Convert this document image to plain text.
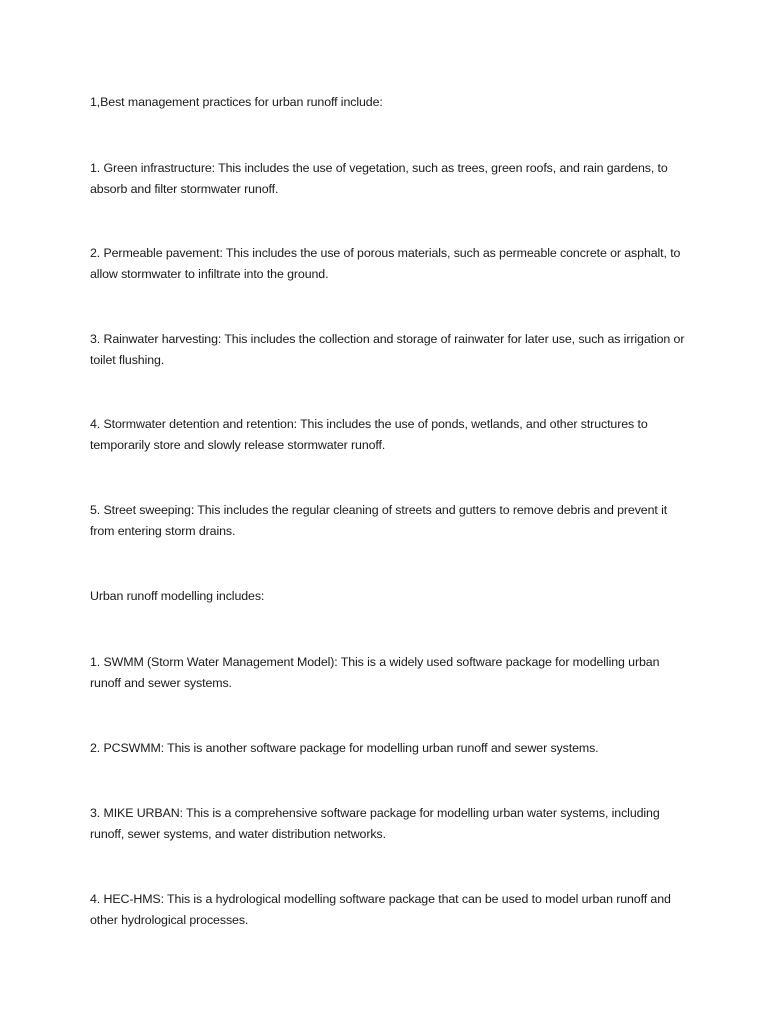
1,Best management practices for urban runoff include:

1. Green infrastructure: This includes the use of vegetation, such as trees, green roofs, and rain gardens, to absorb and filter stormwater runoff.

2. Permeable pavement: This includes the use of porous materials, such as permeable concrete or asphalt, to allow stormwater to infiltrate into the ground.

3. Rainwater harvesting: This includes the collection and storage of rainwater for later use, such as irrigation or toilet flushing.

4. Stormwater detention and retention: This includes the use of ponds, wetlands, and other structures to temporarily store and slowly release stormwater runoff.

5. Street sweeping: This includes the regular cleaning of streets and gutters to remove debris and prevent it from entering storm drains.

Urban runoff modelling includes:

1. SWMM (Storm Water Management Model): This is a widely used software package for modelling urban runoff and sewer systems.

2. PCSWMM: This is another software package for modelling urban runoff and sewer systems.

3. MIKE URBAN: This is a comprehensive software package for modelling urban water systems, including runoff, sewer systems, and water distribution networks.

4. HEC-HMS: This is a hydrological modelling software package that can be used to model urban runoff and other hydrological processes.
